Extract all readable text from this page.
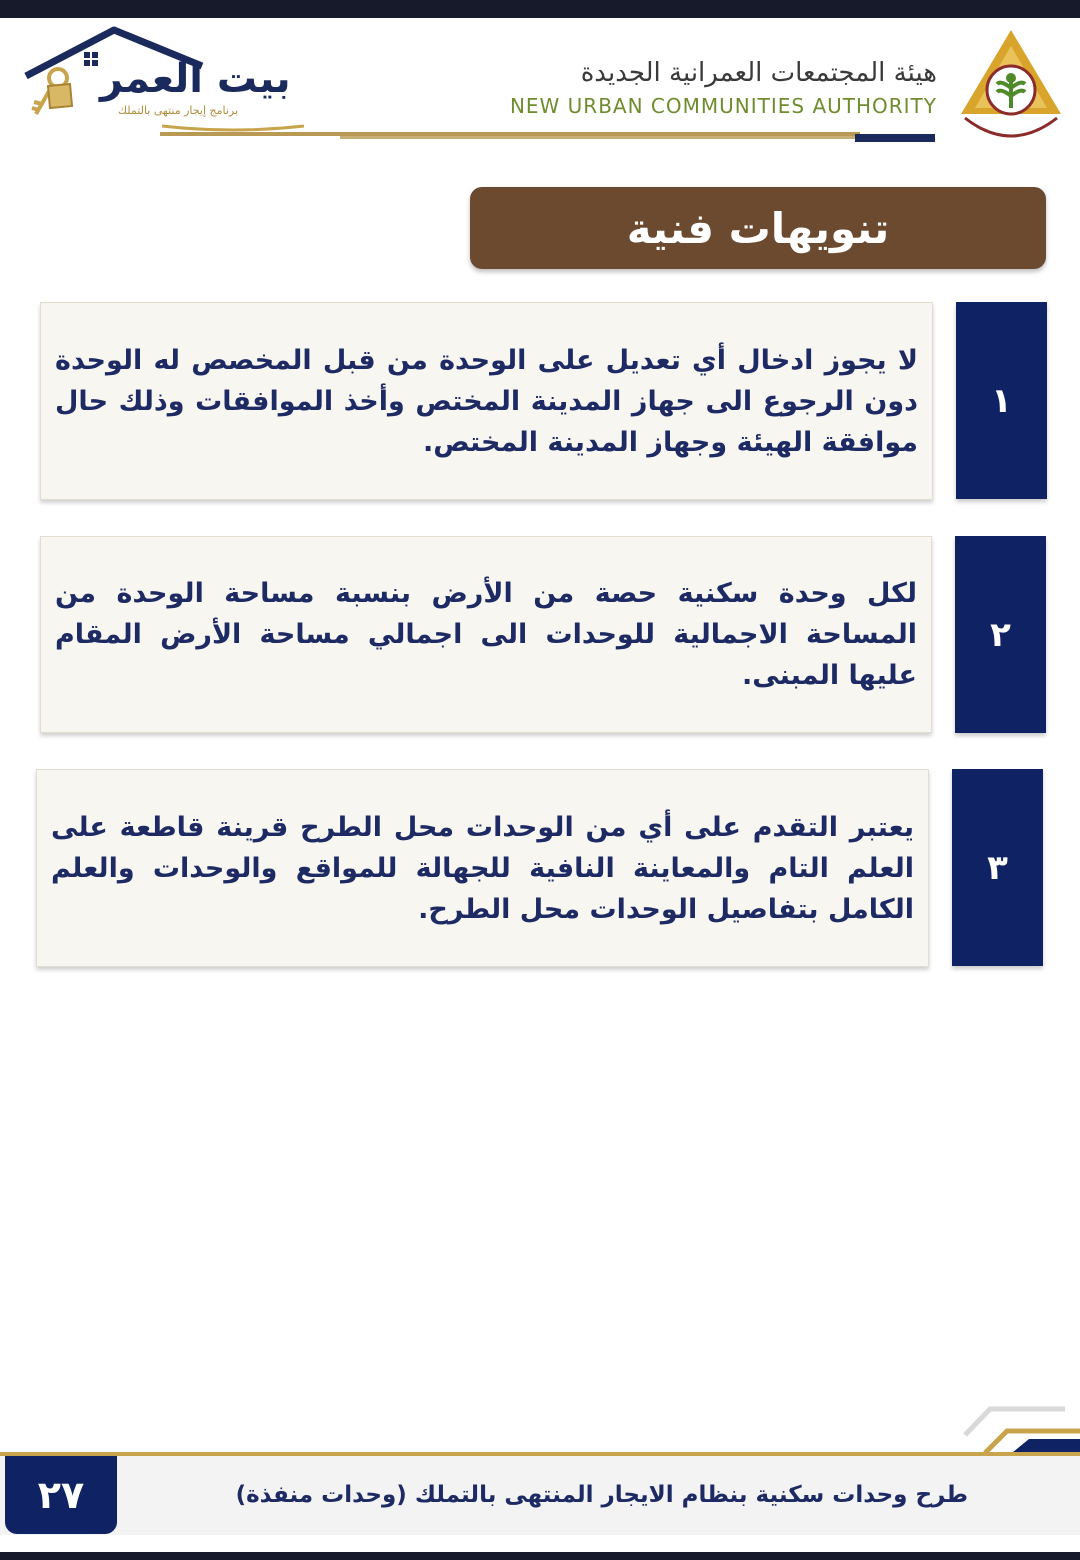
بيت العمر
برنامج إيجار منتهى بالتملك
هيئة المجتمعات العمرانية الجديدة
NEW URBAN COMMUNITIES AUTHORITY
تنويهات فنية
لا يجوز ادخال أي تعديل على الوحدة من قبل المخصص له الوحدة دون الرجوع الى جهاز المدينة المختص وأخذ الموافقات وذلك حال موافقة الهيئة وجهاز المدينة المختص.
١
لكل وحدة سكنية حصة من الأرض بنسبة مساحة الوحدة من المساحة الاجمالية للوحدات الى اجمالي مساحة الأرض المقام عليها المبنى.
٢
يعتبر التقدم على أي من الوحدات محل الطرح قرينة قاطعة على العلم التام والمعاينة النافية للجهالة للمواقع والوحدات والعلم الكامل بتفاصيل الوحدات محل الطرح.
٣
٢٧	طرح وحدات سكنية بنظام الايجار المنتهى بالتملك (وحدات منفذة)
